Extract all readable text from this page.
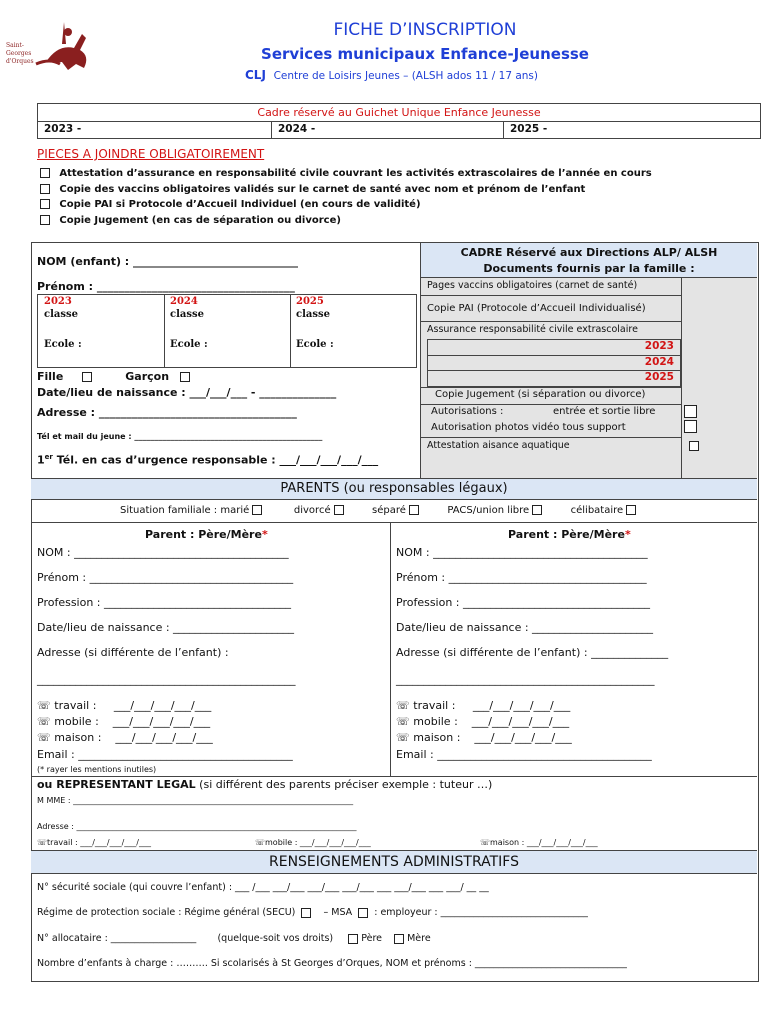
Saint-Georges d'Orques
FICHE D’INSCRIPTION
Services municipaux Enfance-Jeunesse
CLJ Centre de Loisirs Jeunes – (ALSH ados 11 / 17 ans)
Cadre réservé au Guichet Unique Enfance Jeunesse
2023 -	2024 -	2025 -
PIECES A JOINDRE OBLIGATOIREMENT
Attestation d’assurance en responsabilité civile couvrant les activités extrascolaires de l’année en cours
Copie des vaccins obligatoires validés sur le carnet de santé avec nom et prénom de l’enfant
Copie PAI si Protocole d’Accueil Individuel (en cours de validité)
Copie Jugement (en cas de séparation ou divorce)
NOM (enfant) : ______________________________
Prénom : ____________________________________
2023
classe
Ecole :
2024
classe
Ecole :
2025
classe
Ecole :
Fille	Garçon
Date/lieu de naissance : ___/___/___ - ______________
Adresse : ____________________________________
Tél et mail du jeune : _______________________________________________
1er Tél. en cas d’urgence responsable : ___/___/___/___/___
CADRE Réservé aux Directions ALP/ ALSH
Documents fournis par la famille :
Pages vaccins obligatoires (carnet de santé)
Copie PAI (Protocole d’Accueil Individualisé)
Assurance responsabilité civile extrascolaire
2023
2024
2025
Copie Jugement (si séparation ou divorce)
Autorisations :	entrée et sortie libre
Autorisation photos vidéo tous support
Attestation aisance aquatique
PARENTS (ou responsables légaux)
Situation familiale : marié	divorcé	séparé	PACS/union libre	célibataire
Parent : Père/Mère*
NOM : _______________________________________
Prénom : _____________________________________
Profession : __________________________________
Date/lieu de naissance : ______________________
Adresse (si différente de l’enfant) :
_______________________________________________
☏ travail : ___/___/___/___/___
☏ mobile : ___/___/___/___/___
☏ maison : ___/___/___/___/___
Email : _______________________________________
Parent : Père/Mère*
NOM : _______________________________________
Prénom : ____________________________________
Profession : __________________________________
Date/lieu de naissance : ______________________
Adresse (si différente de l’enfant) : ______________
_______________________________________________
☏ travail : ___/___/___/___/___
☏ mobile : ___/___/___/___/___
☏ maison : ___/___/___/___/___
Email : _______________________________________
(* rayer les mentions inutiles)
ou REPRESENTANT LEGAL (si différent des parents préciser exemple : tuteur …)
M MME : ______________________________________________________________________
Adresse : ______________________________________________________________________
☏travail : ___/___/___/___/___	☏mobile : ___/___/___/___/___	☏maison : ___/___/___/___/___
RENSEIGNEMENTS ADMINISTRATIFS
N° sécurité sociale (qui couvre l’enfant) : ___ /___ ___/___ ___/___ ___/___ ___ ___/___ ___ ___/ __ __
Régime de protection sociale : Régime général (SECU)	– MSA : employeur : _______________________________
N° allocataire : __________________ (quelque-soit vos droits)	Père	Mère
Nombre d’enfants à charge : ………. Si scolarisés à St Georges d’Orques, NOM et prénoms : ________________________________
